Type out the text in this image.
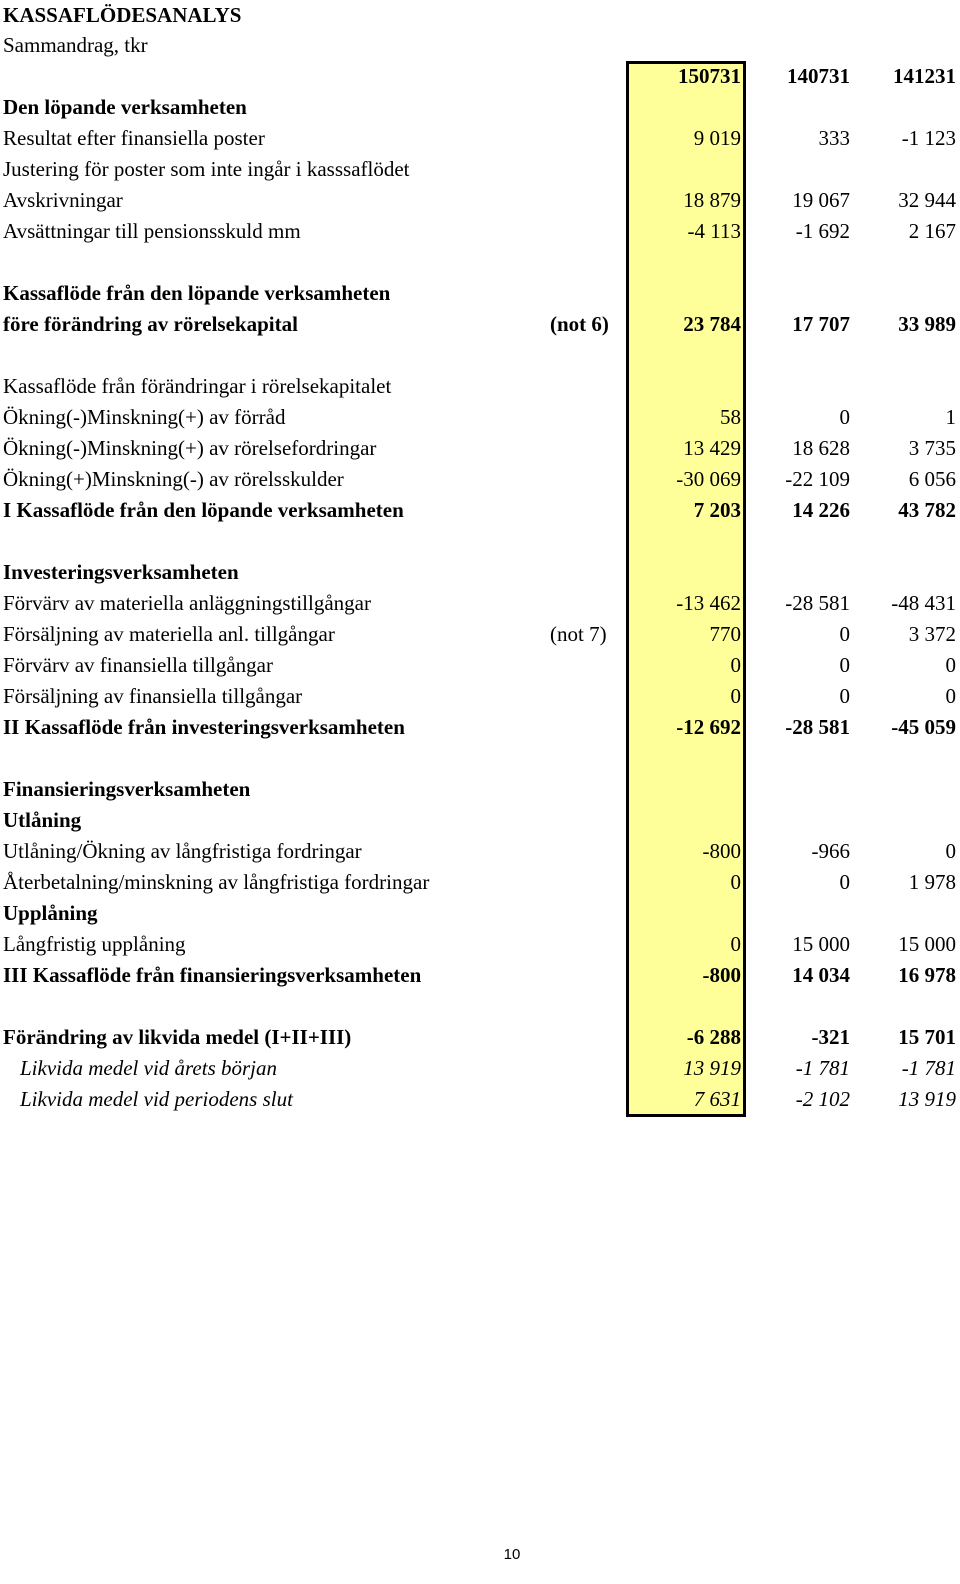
KASSAFLÖDESANALYS
Sammandrag, tkr
150731	140731	141231
Den löpande verksamheten
Resultat efter finansiella poster	9 019	333	-1 123
Justering för poster som inte ingår i kasssaflödet
Avskrivningar	18 879	19 067	32 944
Avsättningar till pensionsskuld mm	-4 113	-1 692	2 167
Kassaflöde från den löpande verksamheten
före förändring av rörelsekapital	(not 6)	23 784	17 707	33 989
Kassaflöde från förändringar i rörelsekapitalet
Ökning(-)Minskning(+) av förråd	58	0	1
Ökning(-)Minskning(+) av rörelsefordringar	13 429	18 628	3 735
Ökning(+)Minskning(-) av rörelsskulder	-30 069	-22 109	6 056
I Kassaflöde från den löpande verksamheten	7 203	14 226	43 782
Investeringsverksamheten
Förvärv av materiella anläggningstillgångar	-13 462	-28 581	-48 431
Försäljning av materiella anl. tillgångar	(not 7)	770	0	3 372
Förvärv av finansiella tillgångar	0	0	0
Försäljning av finansiella tillgångar	0	0	0
II Kassaflöde från investeringsverksamheten	-12 692	-28 581	-45 059
Finansieringsverksamheten
Utlåning
Utlåning/Ökning av långfristiga fordringar	-800	-966	0
Återbetalning/minskning av långfristiga fordringar	0	0	1 978
Upplåning
Långfristig upplåning	0	15 000	15 000
III Kassaflöde från finansieringsverksamheten	-800	14 034	16 978
Förändring av likvida medel (I+II+III)	-6 288	-321	15 701
Likvida medel vid årets början	13 919	-1 781	-1 781
Likvida medel vid periodens slut	7 631	-2 102	13 919
10
